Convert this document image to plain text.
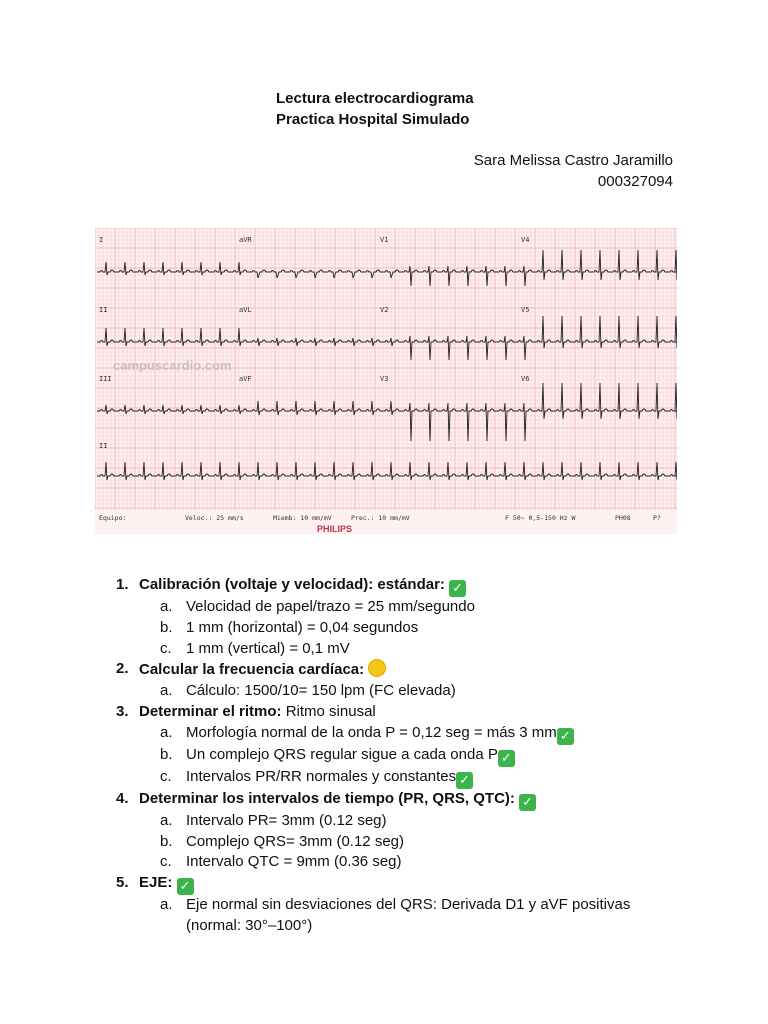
Lectura electrocardiograma
Practica Hospital Simulado
Sara Melissa Castro Jaramillo
000327094
I	aVR	V1	V4
II	aVL	V2	V5
III	aVF	V3	V6
II
campuscardio.com
Equipo:	Veloc.: 25 mm/s	Miemb: 10 mm/mV	Prec.: 10 mm/mV	F 50~ 0,5-150 Hz W	PH08	P?
PHILIPS
1. Calibración (voltaje y velocidad): estándar: ✓
a. Velocidad de papel/trazo = 25 mm/segundo
b. 1 mm (horizontal) = 0,04 segundos
c. 1 mm (vertical) = 0,1 mV
2. Calcular la frecuencia cardíaca:
a. Cálculo: 1500/10= 150 lpm (FC elevada)
3. Determinar el ritmo: Ritmo sinusal
a. Morfología normal de la onda P = 0,12 seg = más 3 mm ✓
b. Un complejo QRS regular sigue a cada onda P ✓
c. Intervalos PR/RR normales y constantes ✓
4. Determinar los intervalos de tiempo (PR, QRS, QTC): ✓
a. Intervalo PR= 3mm (0.12 seg)
b. Complejo QRS= 3mm (0.12 seg)
c. Intervalo QTC = 9mm (0.36 seg)
5. EJE: ✓
a. Eje normal sin desviaciones del QRS: Derivada D1 y aVF positivas (normal: 30°–100°)
